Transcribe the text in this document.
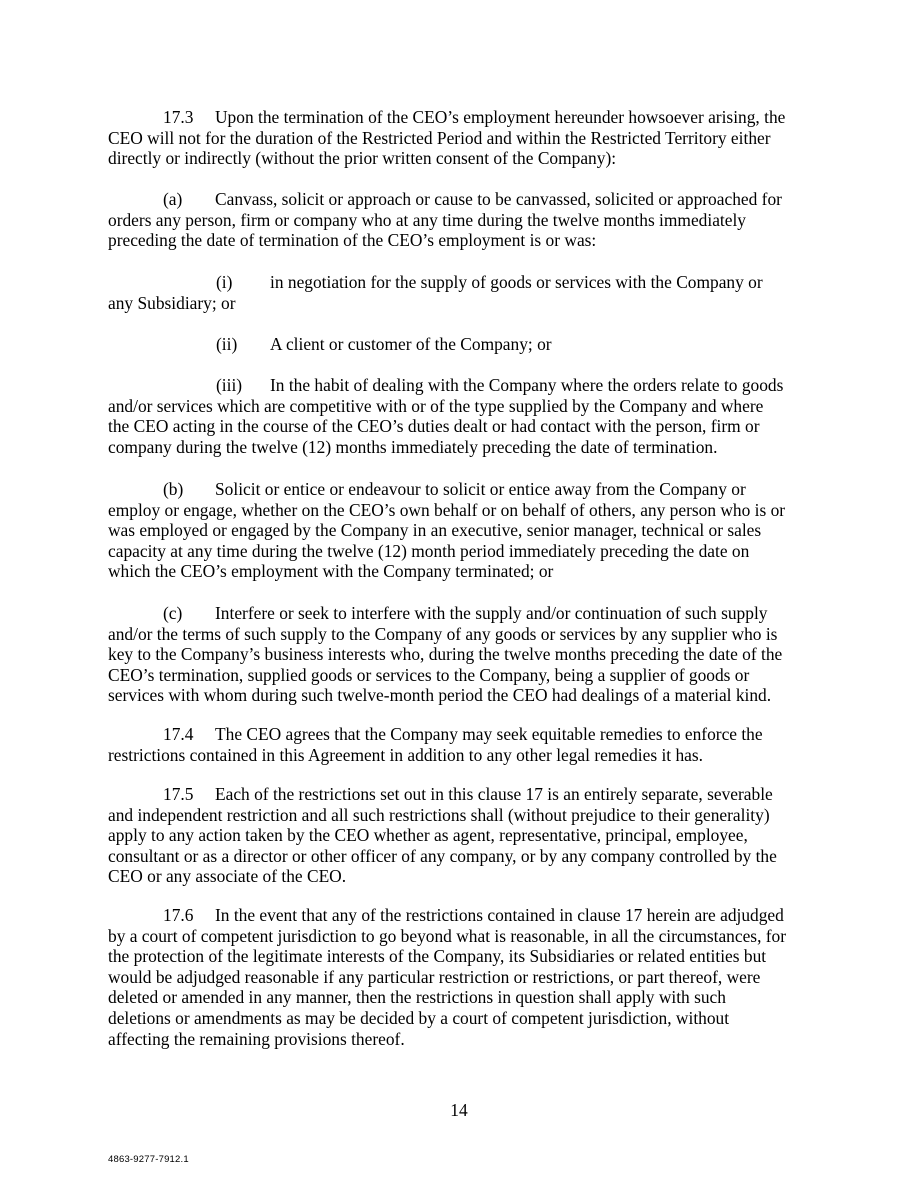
17.3 Upon the termination of the CEO’s employment hereunder howsoever arising, the
CEO will not for the duration of the Restricted Period and within the Restricted Territory either
directly or indirectly (without the prior written consent of the Company):
(a) Canvass, solicit or approach or cause to be canvassed, solicited or approached for
orders any person, firm or company who at any time during the twelve months immediately
preceding the date of termination of the CEO’s employment is or was:
(i) in negotiation for the supply of goods or services with the Company or
any Subsidiary; or
(ii) A client or customer of the Company; or
(iii) In the habit of dealing with the Company where the orders relate to goods
and/or services which are competitive with or of the type supplied by the Company and where
the CEO acting in the course of the CEO’s duties dealt or had contact with the person, firm or
company during the twelve (12) months immediately preceding the date of termination.
(b) Solicit or entice or endeavour to solicit or entice away from the Company or
employ or engage, whether on the CEO’s own behalf or on behalf of others, any person who is or
was employed or engaged by the Company in an executive, senior manager, technical or sales
capacity at any time during the twelve (12) month period immediately preceding the date on
which the CEO’s employment with the Company terminated; or
(c) Interfere or seek to interfere with the supply and/or continuation of such supply
and/or the terms of such supply to the Company of any goods or services by any supplier who is
key to the Company’s business interests who, during the twelve months preceding the date of the
CEO’s termination, supplied goods or services to the Company, being a supplier of goods or
services with whom during such twelve-month period the CEO had dealings of a material kind.
17.4 The CEO agrees that the Company may seek equitable remedies to enforce the
restrictions contained in this Agreement in addition to any other legal remedies it has.
17.5 Each of the restrictions set out in this clause 17 is an entirely separate, severable
and independent restriction and all such restrictions shall (without prejudice to their generality)
apply to any action taken by the CEO whether as agent, representative, principal, employee,
consultant or as a director or other officer of any company, or by any company controlled by the
CEO or any associate of the CEO.
17.6 In the event that any of the restrictions contained in clause 17 herein are adjudged
by a court of competent jurisdiction to go beyond what is reasonable, in all the circumstances, for
the protection of the legitimate interests of the Company, its Subsidiaries or related entities but
would be adjudged reasonable if any particular restriction or restrictions, or part thereof, were
deleted or amended in any manner, then the restrictions in question shall apply with such
deletions or amendments as may be decided by a court of competent jurisdiction, without
affecting the remaining provisions thereof.
14
4863-9277-7912.1
